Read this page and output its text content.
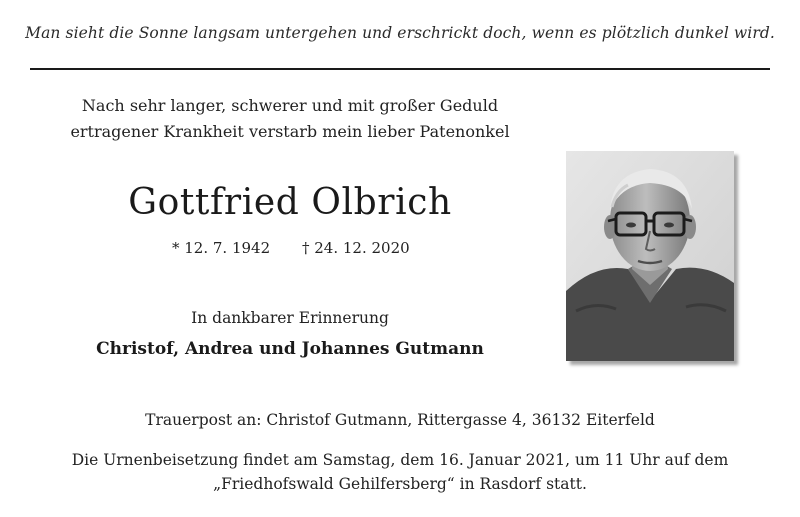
Man sieht die Sonne langsam untergehen und erschrickt doch, wenn es plötzlich dunkel wird.
Nach sehr langer, schwerer und mit großer Geduld
ertragener Krankheit verstarb mein lieber Patenonkel
Gottfried Olbrich
* 12. 7. 1942 † 24. 12. 2020
In dankbarer Erinnerung
Christof, Andrea und Johannes Gutmann
Trauerpost an: Christof Gutmann, Rittergasse 4, 36132 Eiterfeld
Die Urnenbeisetzung findet am Samstag, dem 16. Januar 2021, um 11 Uhr auf dem
„Friedhofswald Gehilfersberg“ in Rasdorf statt.
